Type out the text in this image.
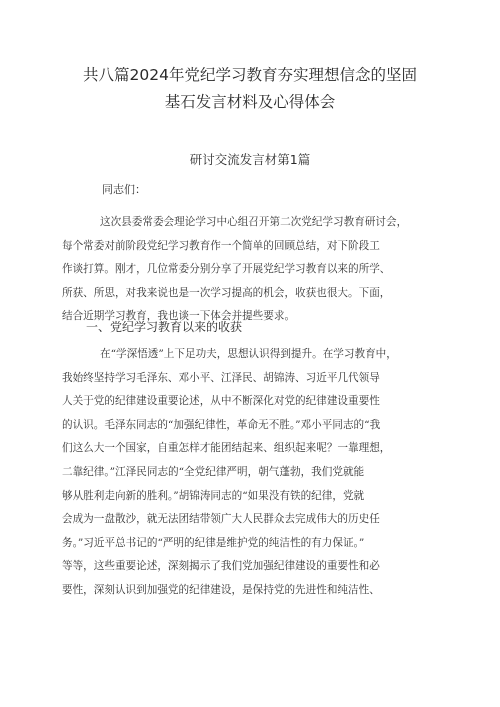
共八篇2024年党纪学习教育夯实理想信念的坚固
基石发言材料及心得体会
研讨交流发言材第1篇
同志们：
这次县委常委会理论学习中心组召开第二次党纪学习教育研讨会，
每个常委对前阶段党纪学习教育作一个简单的回顾总结，对下阶段工
作谈打算。刚才，几位常委分别分享了开展党纪学习教育以来的所学、
所获、所思，对我来说也是一次学习提高的机会，收获也很大。下面，
结合近期学习教育，我也谈一下体会并提些要求。
一、党纪学习教育以来的收获
在“学深悟透”上下足功夫，思想认识得到提升。在学习教育中，
我始终坚持学习毛泽东、邓小平、江泽民、胡锦涛、习近平几代领导
人关于党的纪律建设重要论述，从中不断深化对党的纪律建设重要性
的认识。毛泽东同志的“加强纪律性，革命无不胜。”邓小平同志的“我
们这么大一个国家，自重怎样才能团结起来、组织起来呢？一靠理想，
二靠纪律。”江泽民同志的“全党纪律严明，朝气蓬勃，我们党就能
够从胜利走向新的胜利。”胡锦涛同志的“如果没有铁的纪律，党就
会成为一盘散沙，就无法团结带领广大人民群众去完成伟大的历史任
务。”习近平总书记的“严明的纪律是维护党的纯洁性的有力保证。”
等等，这些重要论述，深刻揭示了我们党加强纪律建设的重要性和必
要性，深刻认识到加强党的纪律建设，是保持党的先进性和纯洁性、
